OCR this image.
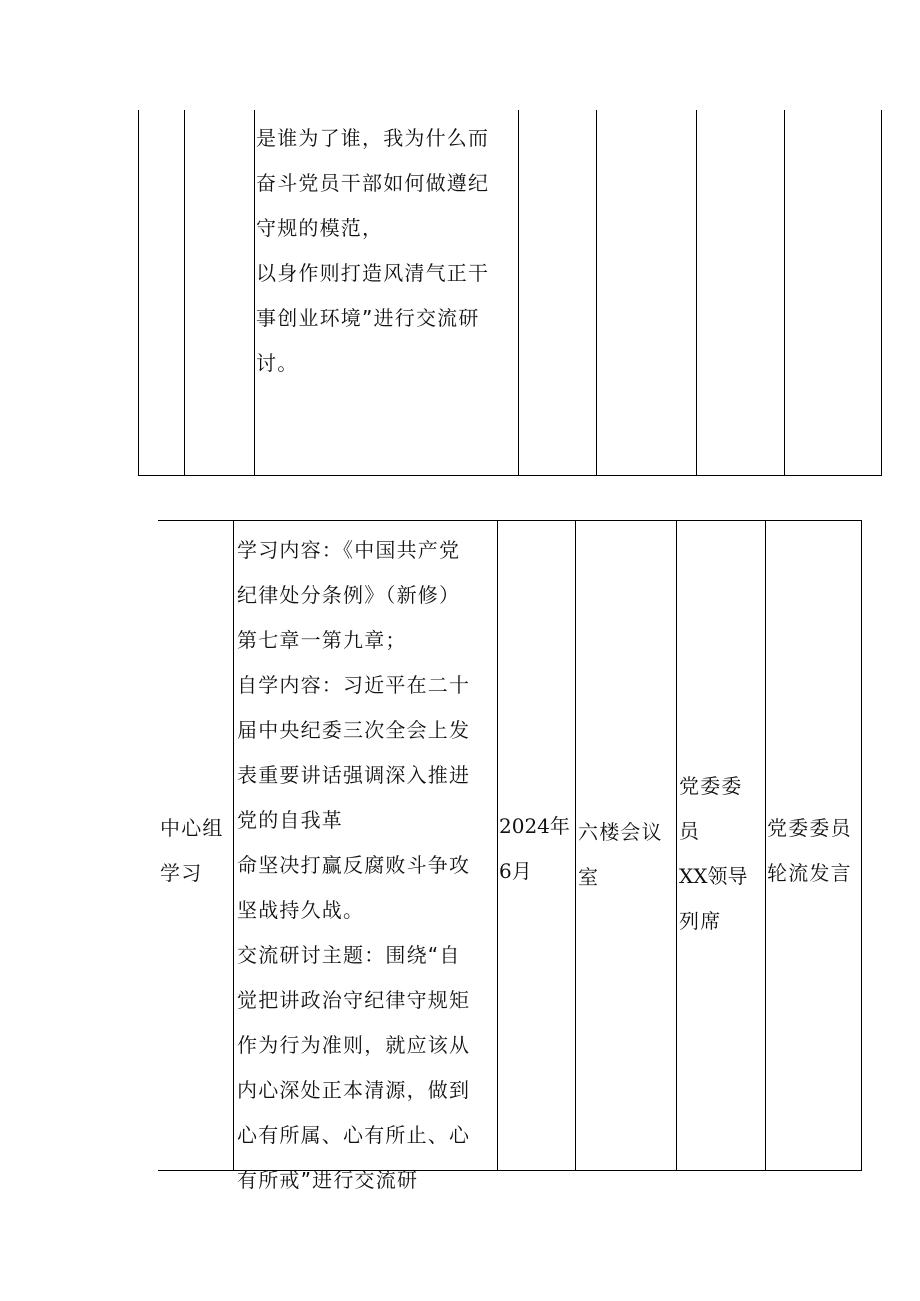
是谁为了谁，我为什么而
奋斗党员干部如何做遵纪
守规的模范，
以身作则打造风清气正干
事创业环境”进行交流研
讨。
中心组
学习
学习内容：《中国共产党
纪律处分条例》（新修）
第七章一第九章；
自学内容：习近平在二十
届中央纪委三次全会上发
表重要讲话强调深入推进
党的自我革
命坚决打赢反腐败斗争攻
坚战持久战。
交流研讨主题：围绕“自
觉把讲政治守纪律守规矩
作为行为准则，就应该从
内心深处正本清源，做到
心有所属、心有所止、心
有所戒”进行交流研
2024年
6月
六楼会议
室
党委委
员
XX领导
列席
党委委员
轮流发言
